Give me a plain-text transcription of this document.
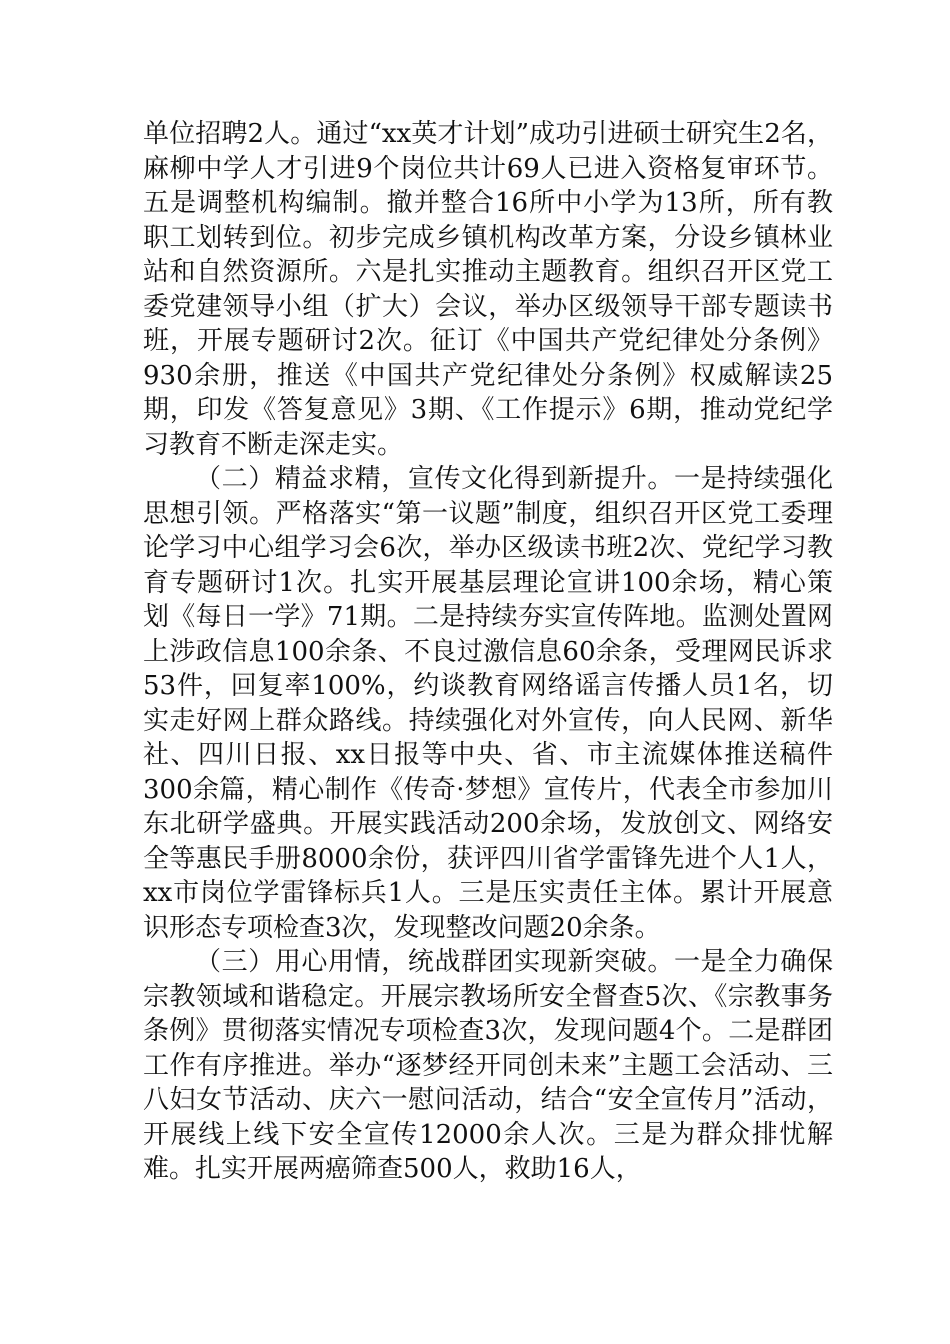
单位招聘2人。通过“xx英才计划”成功引进硕士研究生2名，麻柳中学人才引进9个岗位共计69人已进入资格复审环节。五是调整机构编制。撤并整合16所中小学为13所，所有教职工划转到位。初步完成乡镇机构改革方案，分设乡镇林业站和自然资源所。六是扎实推动主题教育。组织召开区党工委党建领导小组（扩大）会议，举办区级领导干部专题读书班，开展专题研讨2次。征订《中国共产党纪律处分条例》930余册，推送《中国共产党纪律处分条例》权威解读25期，印发《答复意见》3期、《工作提示》6期，推动党纪学习教育不断走深走实。

（二）精益求精，宣传文化得到新提升。一是持续强化思想引领。严格落实“第一议题”制度，组织召开区党工委理论学习中心组学习会6次，举办区级读书班2次、党纪学习教育专题研讨1次。扎实开展基层理论宣讲100余场，精心策划《每日一学》71期。二是持续夯实宣传阵地。监测处置网上涉政信息100余条、不良过激信息60余条，受理网民诉求53件，回复率100%，约谈教育网络谣言传播人员1名，切实走好网上群众路线。持续强化对外宣传，向人民网、新华社、四川日报、xx日报等中央、省、市主流媒体推送稿件300余篇，精心制作《传奇·梦想》宣传片，代表全市参加川东北研学盛典。开展实践活动200余场，发放创文、网络安全等惠民手册8000余份，获评四川省学雷锋先进个人1人，xx市岗位学雷锋标兵1人。三是压实责任主体。累计开展意识形态专项检查3次，发现整改问题20余条。

（三）用心用情，统战群团实现新突破。一是全力确保宗教领域和谐稳定。开展宗教场所安全督查5次、《宗教事务条例》贯彻落实情况专项检查3次，发现问题4个。二是群团工作有序推进。举办“逐梦经开同创未来”主题工会活动、三八妇女节活动、庆六一慰问活动，结合“安全宣传月”活动，开展线上线下安全宣传12000余人次。三是为群众排忧解难。扎实开展两癌筛查500人，救助16人，
